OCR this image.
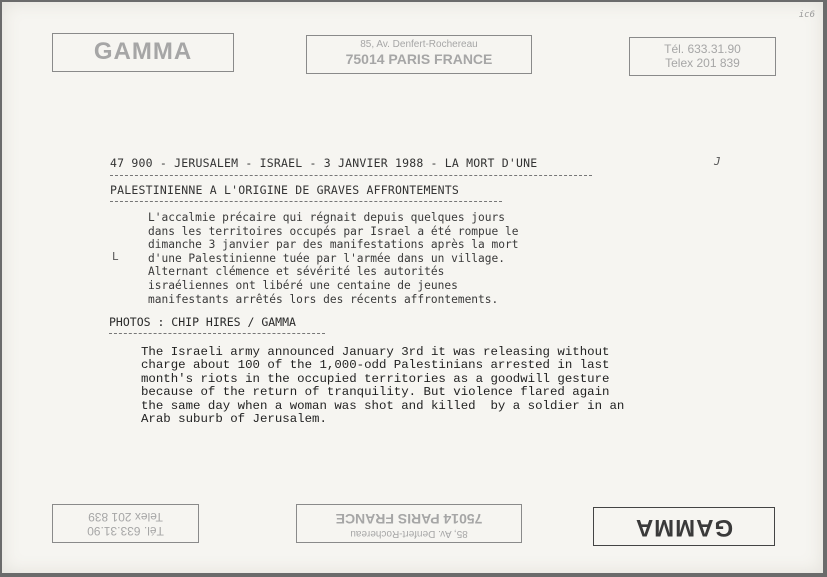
ic6
GAMMA	85, Av. Denfert-Rochereau
75014 PARIS FRANCE
Tél. 633.31.90
Telex 201 839
47 900 - JERUSALEM - ISRAEL - 3 JANVIER 1988 - LA MORT D'UNE
PALESTINIENNE A L'ORIGINE DE GRAVES AFFRONTEMENTS
J
L
L'accalmie précaire qui régnait depuis quelques jours
dans les territoires occupés par Israel a été rompue le
dimanche 3 janvier par des manifestations après la mort
d'une Palestinienne tuée par l'armée dans un village.
Alternant clémence et sévérité les autorités
israéliennes ont libéré une centaine de jeunes
manifestants arrêtés lors des récents affrontements.
PHOTOS : CHIP HIRES / GAMMA
The Israeli army announced January 3rd it was releasing without
charge about 100 of the 1,000-odd Palestinians arrested in last
month's riots in the occupied territories as a goodwill gesture
because of the return of tranquility. But violence flared again
the same day when a woman was shot and killed  by a soldier in an
Arab suburb of Jerusalem.
Tél. 633.31.90
Telex 201 839
85, Av. Denfert-Rochereau
75014 PARIS FRANCE	GAMMA
